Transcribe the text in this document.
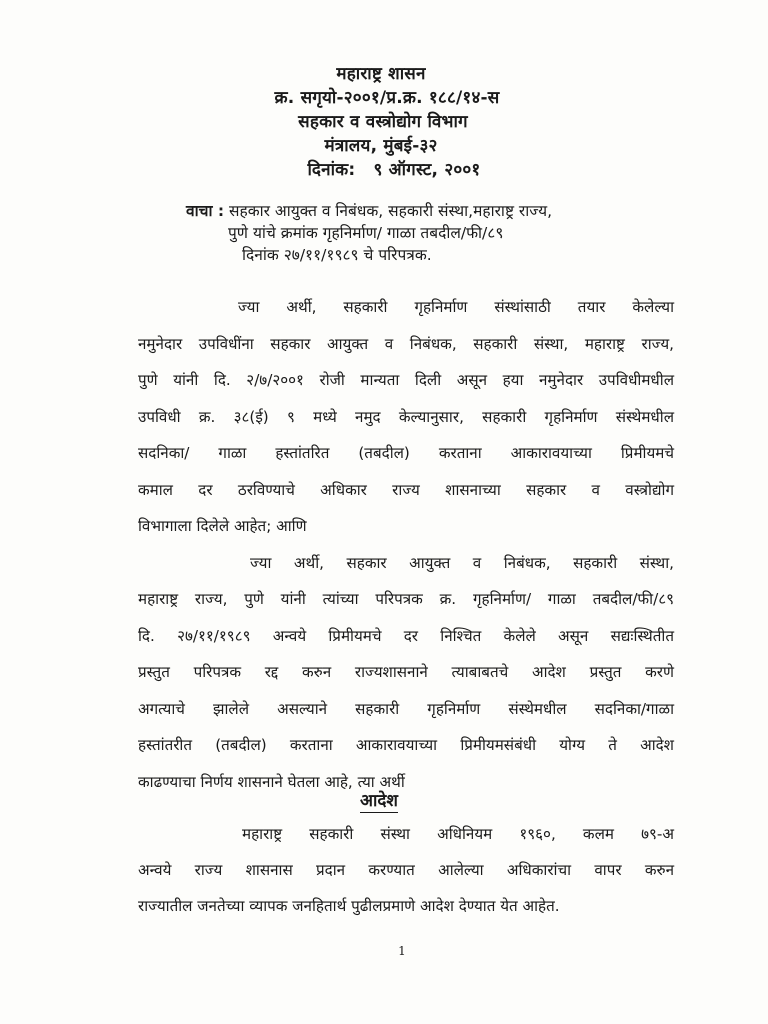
महाराष्ट्र शासन
क्र. सगृयो-२००१/प्र.क्र. १८८/१४-स
सहकार व वस्त्रोद्योग विभाग
मंत्रालय, मुंबई-३२
दिनांक: ९ ऑगस्ट, २००१
वाचा : सहकार आयुक्त व निबंधक, सहकारी संस्था,महाराष्ट्र राज्य,
पुणे यांचे क्रमांक गृहनिर्माण/ गाळा तबदील/फी/८९
दिनांक २७/११/१९८९ चे परिपत्रक.
ज्या अर्थी, सहकारी गृहनिर्माण संस्थांसाठी तयार केलेल्या
नमुनेदार उपविधींना सहकार आयुक्त व निबंधक, सहकारी संस्था, महाराष्ट्र राज्य,
पुणे यांनी दि. २/७/२००१ रोजी मान्यता दिली असून हया नमुनेदार उपविधीमधील
उपविधी क्र. ३८(ई) ९ मध्ये नमुद केल्यानुसार, सहकारी गृहनिर्माण संस्थेमधील
सदनिका/ गाळा हस्तांतरित (तबदील) करताना आकारावयाच्या प्रिमीयमचे
कमाल दर ठरविण्याचे अधिकार राज्य शासनाच्या सहकार व वस्त्रोद्योग
विभागाला दिलेले आहेत; आणि
ज्या अर्थी, सहकार आयुक्त व निबंधक, सहकारी संस्था,
महाराष्ट्र राज्य, पुणे यांनी त्यांच्या परिपत्रक क्र. गृहनिर्माण/ गाळा तबदील/फी/८९
दि. २७/११/१९८९ अन्वये प्रिमीयमचे दर निश्चित केलेले असून सद्यःस्थितीत
प्रस्तुत परिपत्रक रद्द करुन राज्यशासनाने त्याबाबतचे आदेश प्रस्तुत करणे
अगत्याचे झालेले असल्याने सहकारी गृहनिर्माण संस्थेमधील सदनिका/गाळा
हस्तांतरीत (तबदील) करताना आकारावयाच्या प्रिमीयमसंबंधी योग्य ते आदेश
काढण्याचा निर्णय शासनाने घेतला आहे, त्या अर्थी
आदेश
महाराष्ट्र सहकारी संस्था अधिनियम १९६०, कलम ७९-अ
अन्वये राज्य शासनास प्रदान करण्यात आलेल्या अधिकारांचा वापर करुन
राज्यातील जनतेच्या व्यापक जनहितार्थ पुढीलप्रमाणे आदेश देण्यात येत आहेत.
1
